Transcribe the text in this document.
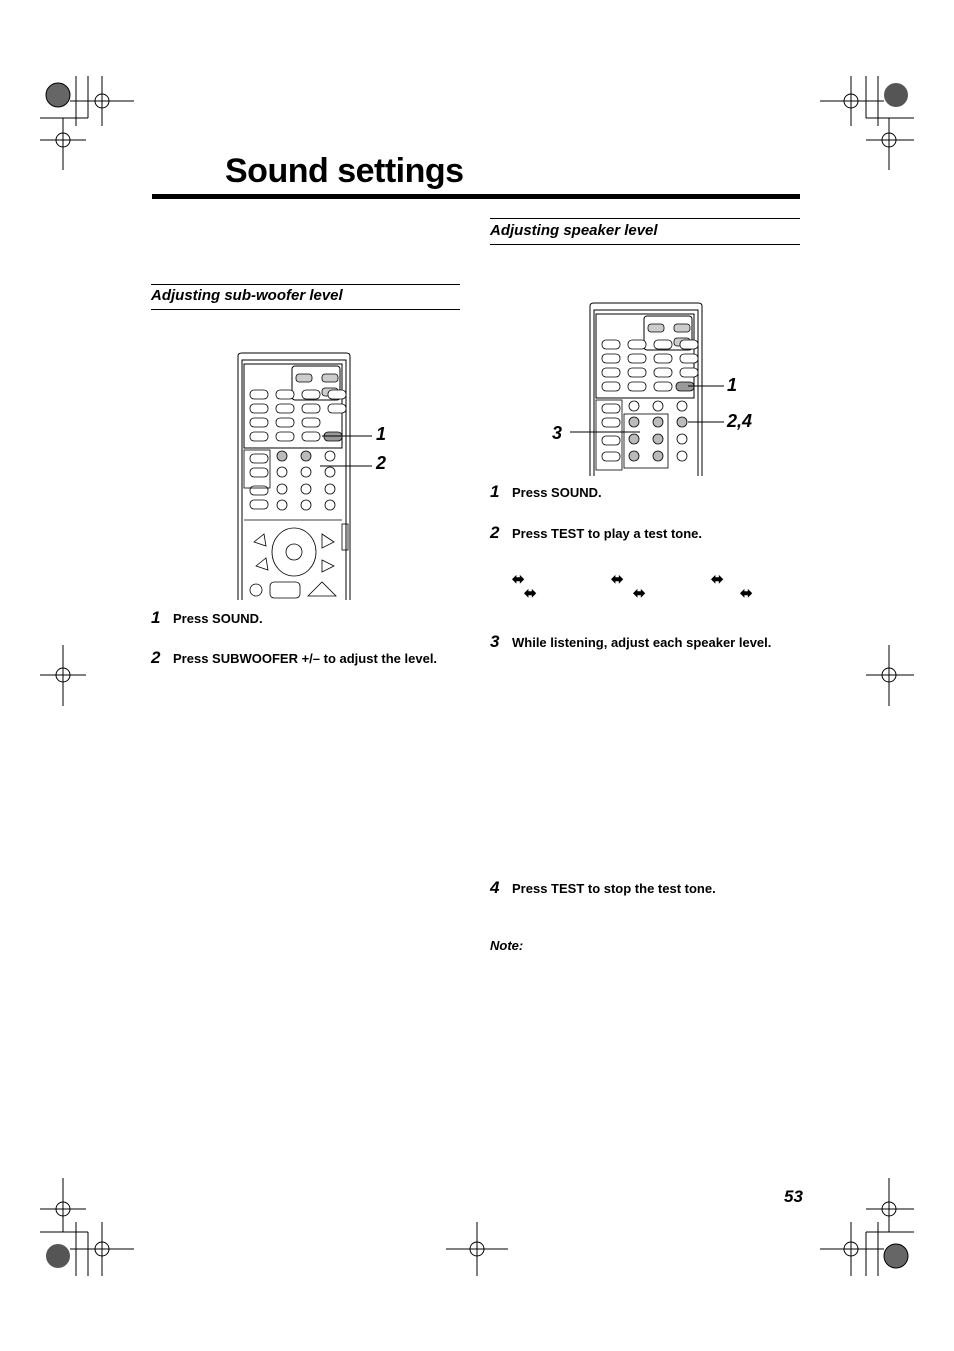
Sound settings
Adjusting sub-woofer level
1
2
1 Press SOUND.
2 Press SUBWOOFER +/– to adjust the level.
Adjusting speaker level
1
2,4
3
1 Press SOUND.
2 Press TEST to play a test tone.
⬌
⬌
⬌
⬌
⬌
⬌
3 While listening, adjust each speaker level.
4 Press TEST to stop the test tone.
Note:
53
